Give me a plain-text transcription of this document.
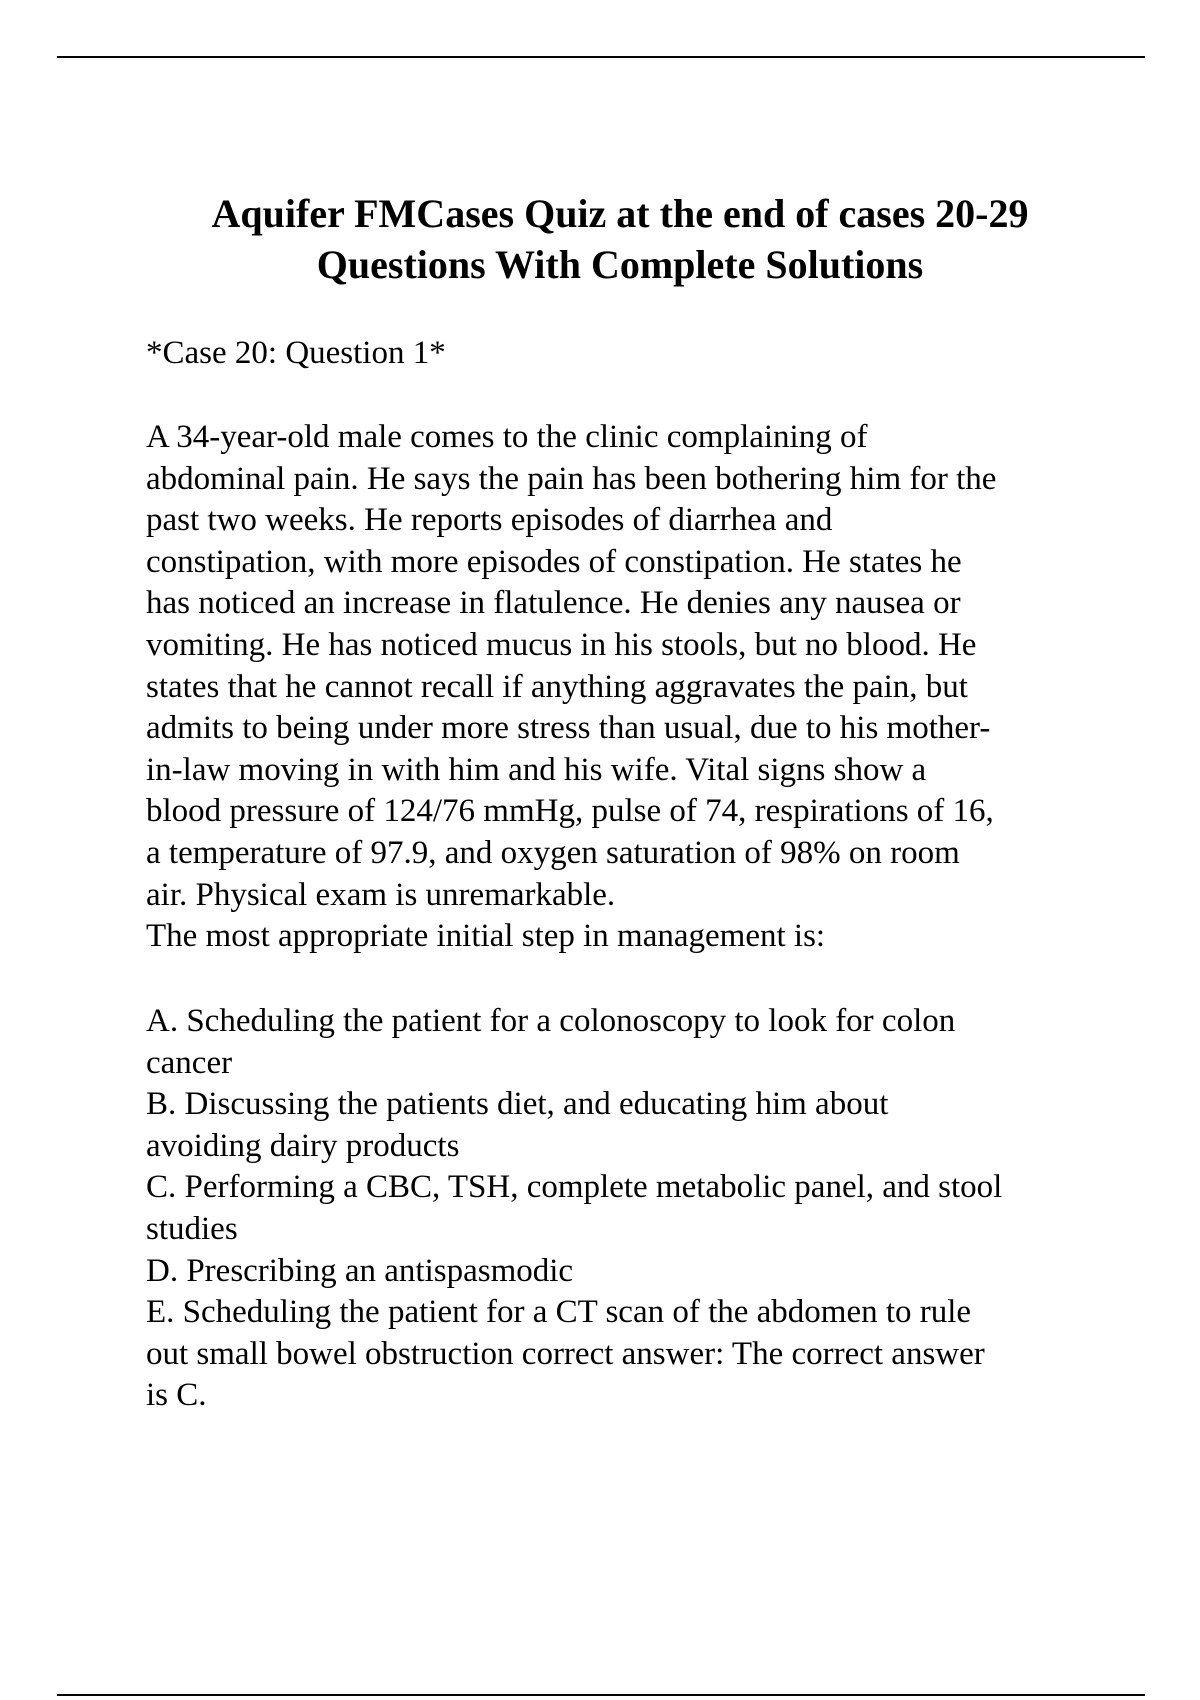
Aquifer FMCases Quiz at the end of cases 20-29
Questions With Complete Solutions

*Case 20: Question 1*

A 34-year-old male comes to the clinic complaining of
abdominal pain. He says the pain has been bothering him for the
past two weeks. He reports episodes of diarrhea and
constipation, with more episodes of constipation. He states he
has noticed an increase in flatulence. He denies any nausea or
vomiting. He has noticed mucus in his stools, but no blood. He
states that he cannot recall if anything aggravates the pain, but
admits to being under more stress than usual, due to his mother-
in-law moving in with him and his wife. Vital signs show a
blood pressure of 124/76 mmHg, pulse of 74, respirations of 16,
a temperature of 97.9, and oxygen saturation of 98% on room
air. Physical exam is unremarkable.
The most appropriate initial step in management is:

A. Scheduling the patient for a colonoscopy to look for colon
cancer
B. Discussing the patients diet, and educating him about
avoiding dairy products
C. Performing a CBC, TSH, complete metabolic panel, and stool
studies
D. Prescribing an antispasmodic
E. Scheduling the patient for a CT scan of the abdomen to rule
out small bowel obstruction correct answer: The correct answer
is C.
